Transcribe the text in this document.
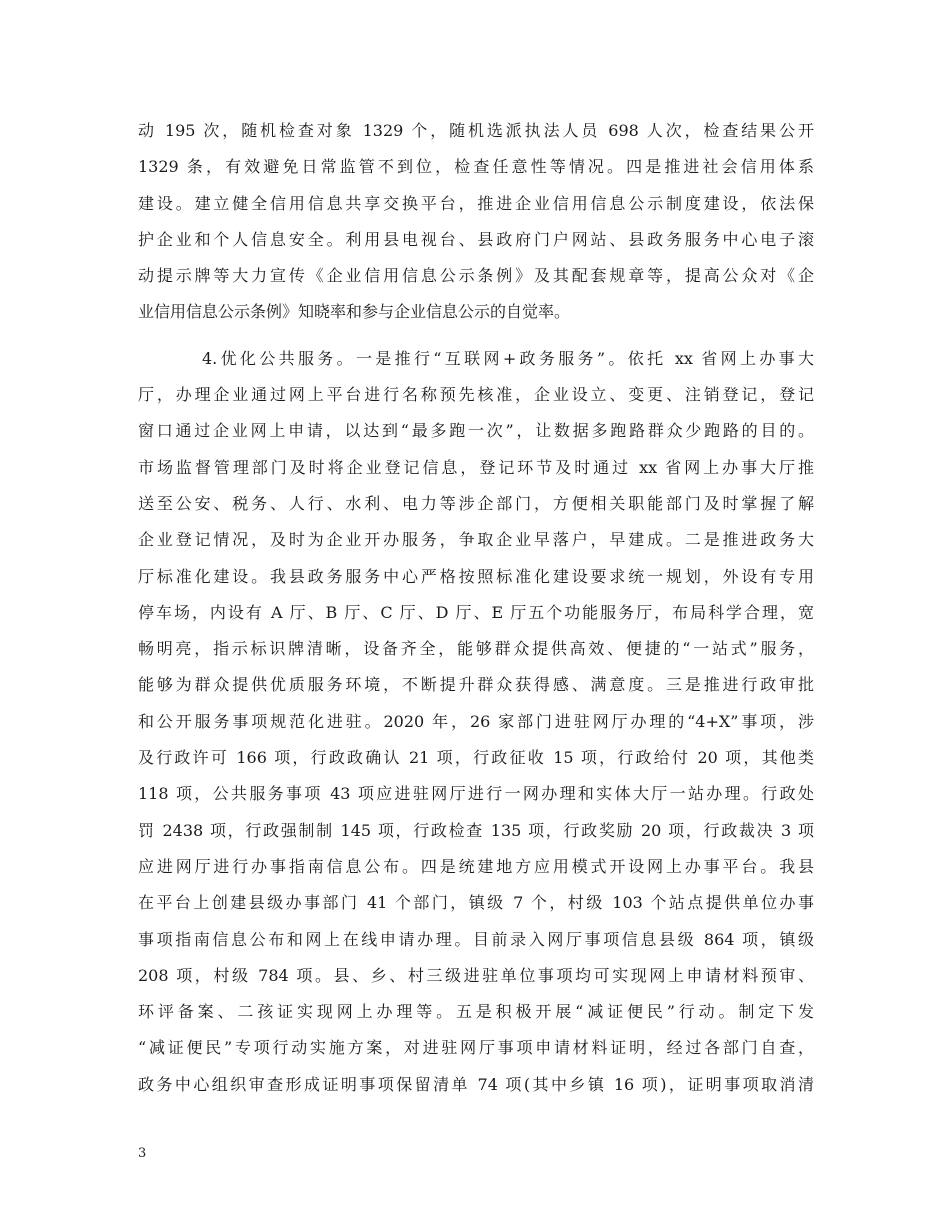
动 195 次，随机检查对象 1329 个，随机选派执法人员 698 人次，检查结果公开
1329 条，有效避免日常监管不到位，检查任意性等情况。四是推进社会信用体系
建设。建立健全信用信息共享交换平台，推进企业信用信息公示制度建设，依法保
护企业和个人信息安全。利用县电视台、县政府门户网站、县政务服务中心电子滚
动提示牌等大力宣传《企业信用信息公示条例》及其配套规章等，提高公众对《企
业信用信息公示条例》知晓率和参与企业信息公示的自觉率。
4.优化公共服务。一是推行“互联网+政务服务”。依托 xx 省网上办事大
厅，办理企业通过网上平台进行名称预先核准，企业设立、变更、注销登记，登记
窗口通过企业网上申请，以达到“最多跑一次”，让数据多跑路群众少跑路的目的。
市场监督管理部门及时将企业登记信息，登记环节及时通过 xx 省网上办事大厅推
送至公安、税务、人行、水利、电力等涉企部门，方便相关职能部门及时掌握了解
企业登记情况，及时为企业开办服务，争取企业早落户，早建成。二是推进政务大
厅标准化建设。我县政务服务中心严格按照标准化建设要求统一规划，外设有专用
停车场，内设有 A 厅、B 厅、C 厅、D 厅、E 厅五个功能服务厅，布局科学合理，宽
畅明亮，指示标识牌清晰，设备齐全，能够群众提供高效、便捷的“一站式”服务，
能够为群众提供优质服务环境，不断提升群众获得感、满意度。三是推进行政审批
和公开服务事项规范化进驻。2020 年，26 家部门进驻网厅办理的“4+X”事项，涉
及行政许可 166 项，行政政确认 21 项，行政征收 15 项，行政给付 20 项，其他类
118 项，公共服务事项 43 项应进驻网厅进行一网办理和实体大厅一站办理。行政处
罚 2438 项，行政强制制 145 项，行政检查 135 项，行政奖励 20 项，行政裁决 3 项
应进网厅进行办事指南信息公布。四是统建地方应用模式开设网上办事平台。我县
在平台上创建县级办事部门 41 个部门，镇级 7 个，村级 103 个站点提供单位办事
事项指南信息公布和网上在线申请办理。目前录入网厅事项信息县级 864 项，镇级
208 项，村级 784 项。县、乡、村三级进驻单位事项均可实现网上申请材料预审、
环评备案、二孩证实现网上办理等。五是积极开展“减证便民”行动。制定下发
“减证便民”专项行动实施方案，对进驻网厅事项申请材料证明，经过各部门自查，
政务中心组织审查形成证明事项保留清单 74 项(其中乡镇 16 项)，证明事项取消清
3
